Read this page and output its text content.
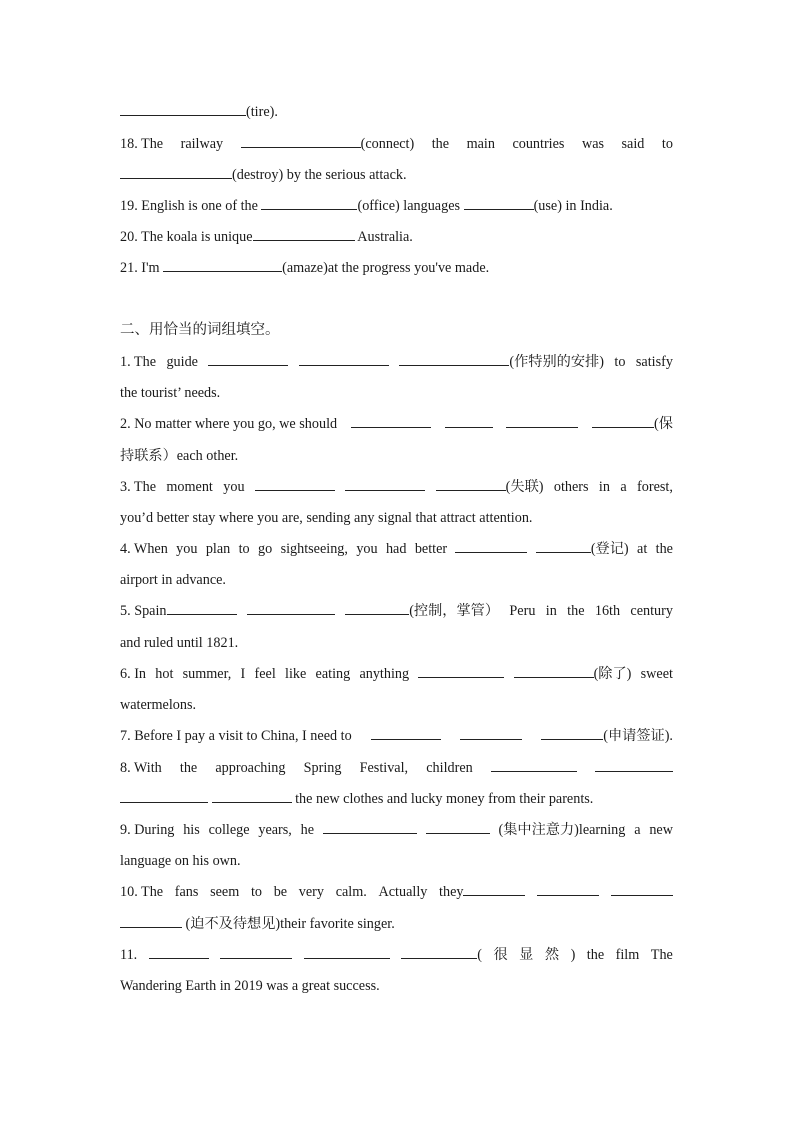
(tire).
18. The railway	(connect) the main countries was said to
(destroy) by the serious attack.
19. English is one of the	(office) languages	(use) in India.
20. The koala is unique	Australia.
21. I'm	(amaze)at the progress you've made.
二、用恰当的词组填空。
1. The guide	(作特别的安排) to satisfy
the tourist’ needs.
2. No matter where you go, we should	(保
持联系）each other.
3. The moment you	(失联) others in a forest,
you’d better stay where you are, sending any signal that attract attention.
4. When you plan to go sightseeing, you had better	(登记) at the
airport in advance.
5. Spain	(控制，掌管） Peru in the 16th century
and ruled until 1821.
6. In hot summer, I feel like eating anything	(除了) sweet
watermelons.
7. Before I pay a visit to China, I need to	(申请签证).
8. With the approaching Spring Festival, children
the new clothes and lucky money from their parents.
9. During his college years, he	(集中注意力)learning a new
language on his own.
10. The fans seem to be very calm. Actually they
(迫不及待想见)their favorite singer.
11.	( 很 显 然 ) the film The
Wandering Earth in 2019 was a great success.
